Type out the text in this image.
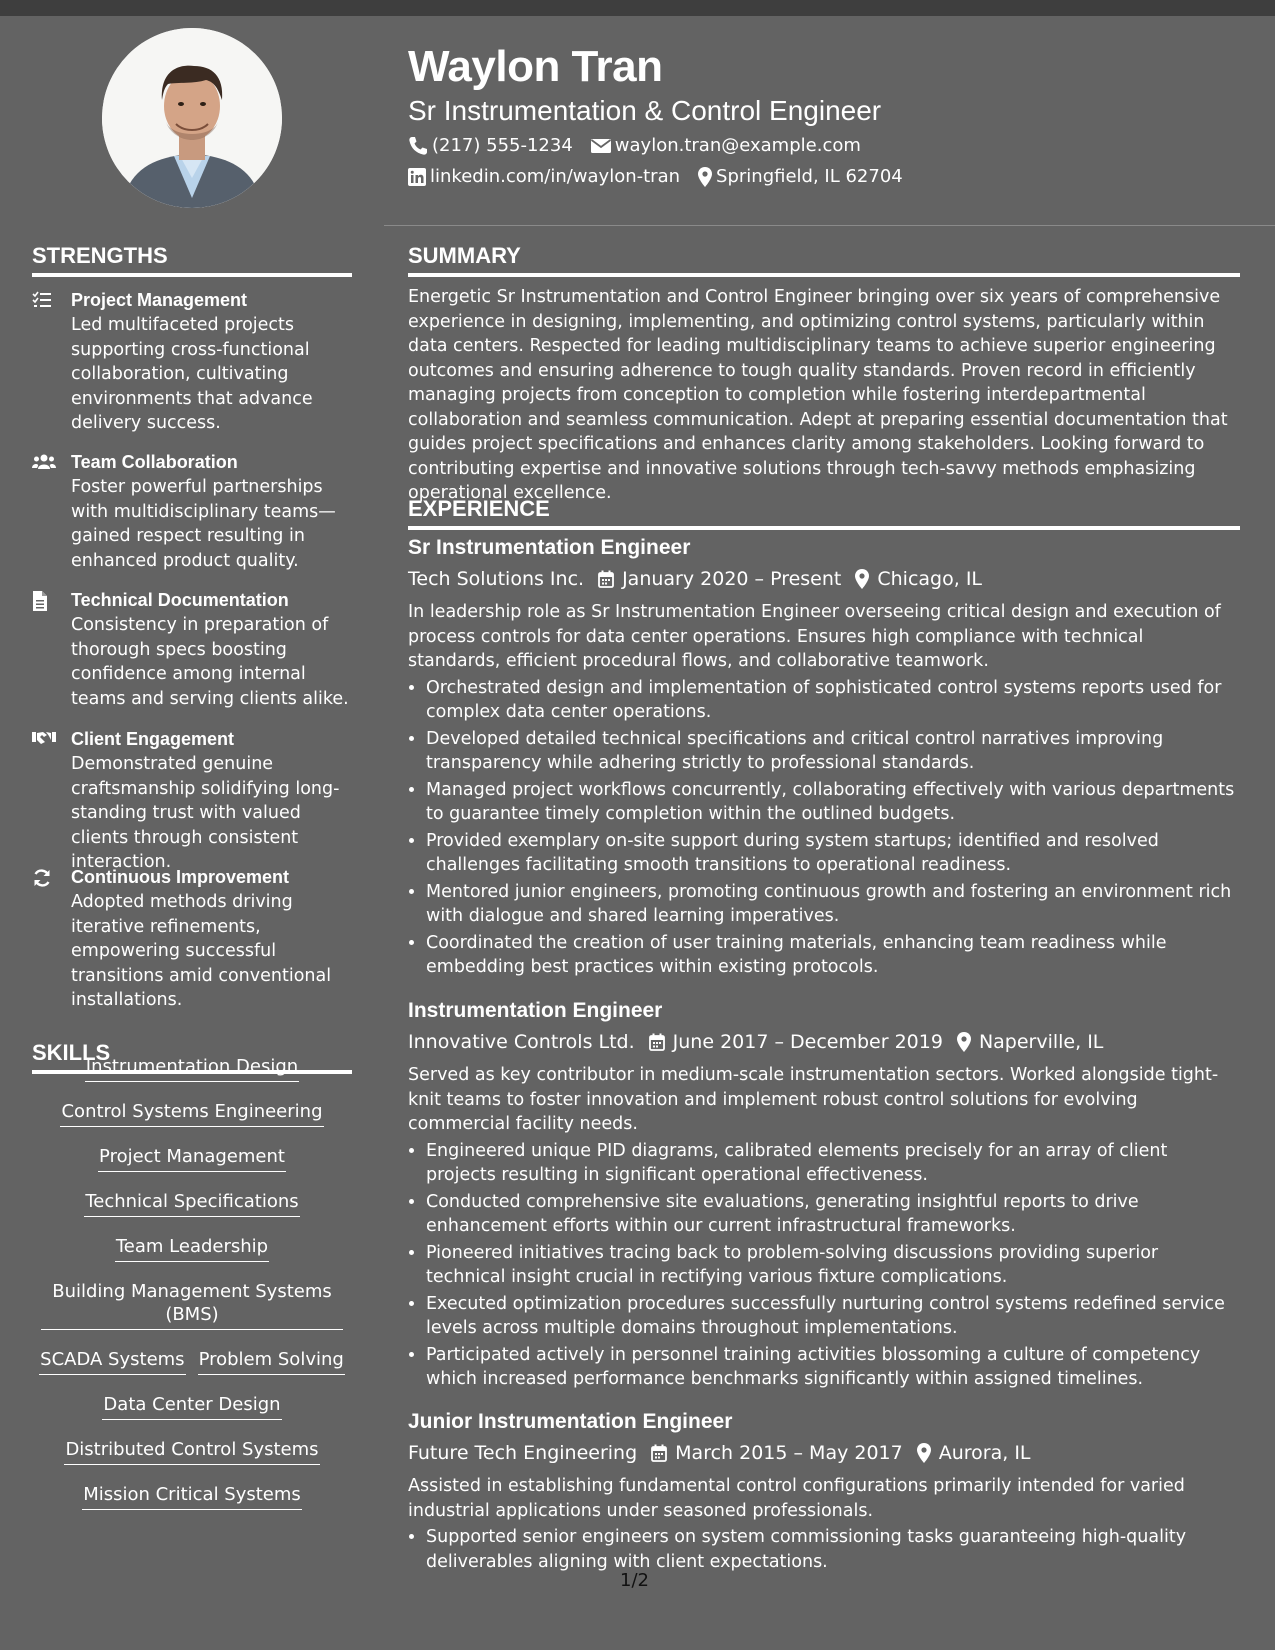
STRENGTHS
Project Management
Led multifaceted projects supporting cross-functional collaboration, cultivating environments that advance delivery success.
Team Collaboration
Foster powerful partnerships with multidisciplinary teams—gained respect resulting in enhanced product quality.
Technical Documentation
Consistency in preparation of thorough specs boosting confidence among internal teams and serving clients alike.
Client Engagement
Demonstrated genuine craftsmanship solidifying long-standing trust with valued clients through consistent interaction.
Continuous Improvement
Adopted methods driving iterative refinements, empowering successful transitions amid conventional installations.
SKILLS
Instrumentation Design
Control Systems Engineering
Project Management
Technical Specifications
Team Leadership
Building Management Systems (BMS)
SCADA Systems Problem Solving
Data Center Design
Distributed Control Systems
Mission Critical Systems
Waylon Tran
Sr Instrumentation & Control Engineer
(217) 555-1234 waylon.tran@example.com
linkedin.com/in/waylon-tran Springfield, IL 62704
SUMMARY

Energetic Sr Instrumentation and Control Engineer bringing over six years of comprehensive experience in designing, implementing, and optimizing control systems, particularly within data centers. Respected for leading multidisciplinary teams to achieve superior engineering outcomes and ensuring adherence to tough quality standards. Proven record in efficiently managing projects from conception to completion while fostering interdepartmental collaboration and seamless communication. Adept at preparing essential documentation that guides project specifications and enhances clarity among stakeholders. Looking forward to contributing expertise and innovative solutions through tech-savvy methods emphasizing operational excellence.

EXPERIENCE
Sr Instrumentation Engineer
Tech Solutions Inc. January 2020 – Present Chicago, IL

In leadership role as Sr Instrumentation Engineer overseeing critical design and execution of process controls for data center operations. Ensures high compliance with technical standards, efficient procedural flows, and collaborative teamwork.

• Orchestrated design and implementation of sophisticated control systems reports used for complex data center operations.
• Developed detailed technical specifications and critical control narratives improving transparency while adhering strictly to professional standards.
• Managed project workflows concurrently, collaborating effectively with various departments to guarantee timely completion within the outlined budgets.
• Provided exemplary on-site support during system startups; identified and resolved challenges facilitating smooth transitions to operational readiness.
• Mentored junior engineers, promoting continuous growth and fostering an environment rich with dialogue and shared learning imperatives.
• Coordinated the creation of user training materials, enhancing team readiness while embedding best practices within existing protocols.
Instrumentation Engineer
Innovative Controls Ltd. June 2017 – December 2019 Naperville, IL

Served as key contributor in medium-scale instrumentation sectors. Worked alongside tight-knit teams to foster innovation and implement robust control solutions for evolving commercial facility needs.

• Engineered unique PID diagrams, calibrated elements precisely for an array of client projects resulting in significant operational effectiveness.
• Conducted comprehensive site evaluations, generating insightful reports to drive enhancement efforts within our current infrastructural frameworks.
• Pioneered initiatives tracing back to problem-solving discussions providing superior technical insight crucial in rectifying various fixture complications.
• Executed optimization procedures successfully nurturing control systems redefined service levels across multiple domains throughout implementations.
• Participated actively in personnel training activities blossoming a culture of competency which increased performance benchmarks significantly within assigned timelines.
Junior Instrumentation Engineer
Future Tech Engineering March 2015 – May 2017 Aurora, IL

Assisted in establishing fundamental control configurations primarily intended for varied industrial applications under seasoned professionals.

• Supported senior engineers on system commissioning tasks guaranteeing high-quality deliverables aligning with client expectations.
1/2
